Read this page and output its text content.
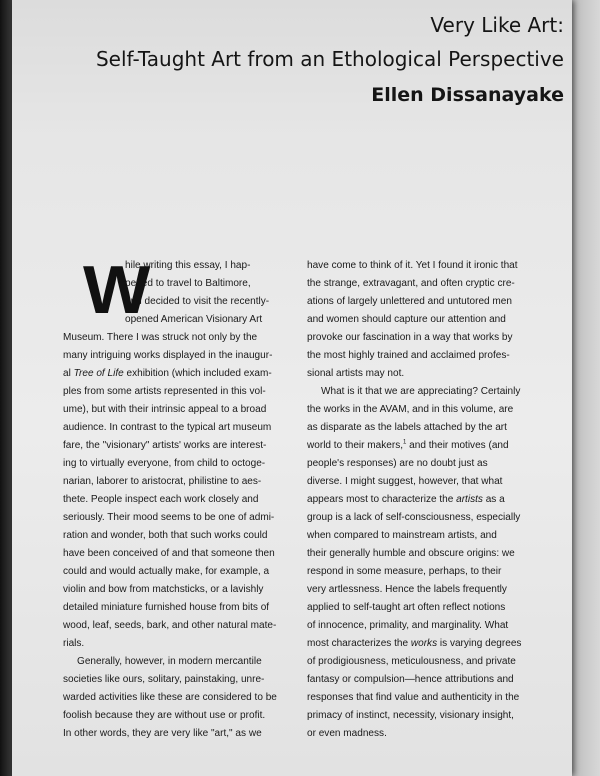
Very Like Art:
Self-Taught Art from an Ethological Perspective
Ellen Dissanayake
W
hile writing this essay, I hap-
pened to travel to Baltimore,
and decided to visit the recently-
opened American Visionary Art
Museum. There I was struck not only by the
many intriguing works displayed in the inaugur-
al Tree of Life exhibition (which included exam-
ples from some artists represented in this vol-
ume), but with their intrinsic appeal to a broad
audience. In contrast to the typical art museum
fare, the "visionary" artists' works are interest-
ing to virtually everyone, from child to octoge-
narian, laborer to aristocrat, philistine to aes-
thete. People inspect each work closely and
seriously. Their mood seems to be one of admi-
ration and wonder, both that such works could
have been conceived of and that someone then
could and would actually make, for example, a
violin and bow from matchsticks, or a lavishly
detailed miniature furnished house from bits of
wood, leaf, seeds, bark, and other natural mate-
rials.
Generally, however, in modern mercantile
societies like ours, solitary, painstaking, unre-
warded activities like these are considered to be
foolish because they are without use or profit.
In other words, they are very like "art," as we
have come to think of it. Yet I found it ironic that
the strange, extravagant, and often cryptic cre-
ations of largely unlettered and untutored men
and women should capture our attention and
provoke our fascination in a way that works by
the most highly trained and acclaimed profes-
sional artists may not.
What is it that we are appreciating? Certainly
the works in the AVAM, and in this volume, are
as disparate as the labels attached by the art
world to their makers,$^1$ and their motives (and
people's responses) are no doubt just as
diverse. I might suggest, however, that what
appears most to characterize the artists as a
group is a lack of self-consciousness, especially
when compared to mainstream artists, and
their generally humble and obscure origins: we
respond in some measure, perhaps, to their
very artlessness. Hence the labels frequently
applied to self-taught art often reflect notions
of innocence, primality, and marginality. What
most characterizes the works is varying degrees
of prodigiousness, meticulousness, and private
fantasy or compulsion—hence attributions and
responses that find value and authenticity in the
primacy of instinct, necessity, visionary insight,
or even madness.
